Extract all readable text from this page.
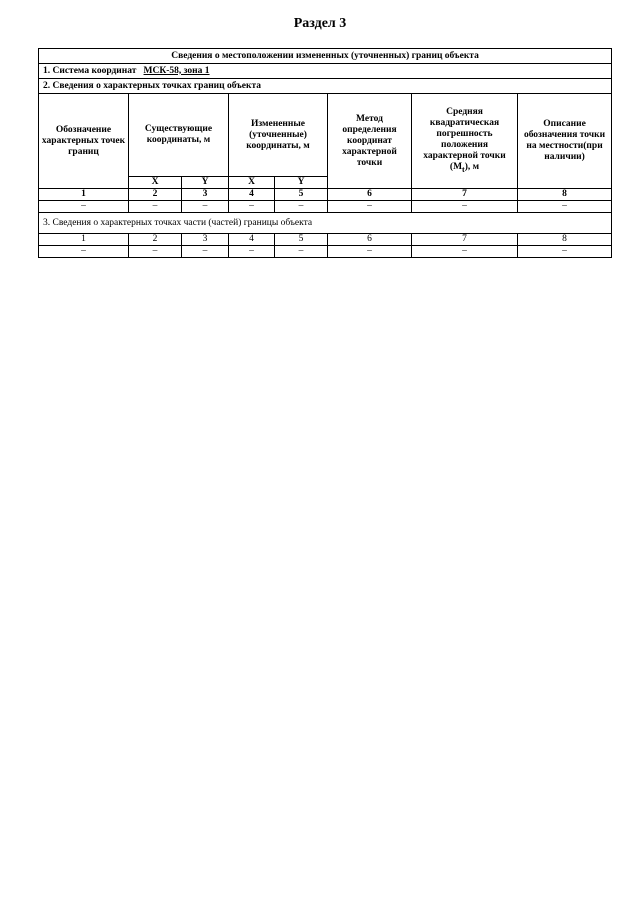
Раздел 3
Сведения о местоположении измененных (уточненных) границ объекта							
1. Система координат МСК-58, зона 1							
2. Сведения о характерных точках границ объекта							
Обозначение характерных точек границ	Существующие координаты, м		Измененные (уточненные) координаты, м		Метод определения координат характерной точки	Средняя квадратическая погрешность положения характерной точки $(M_t)$, м	Описание обозначения точки на местности(при наличии)
	X	Y	X	Y			
1	2	3	4	5	6	7	8
–	–	–	–	–	–	–	–
3. Сведения о характерных точках части (частей) границы объекта							
1	2	3	4	5	6	7	8
–	–	–	–	–	–	–	–
